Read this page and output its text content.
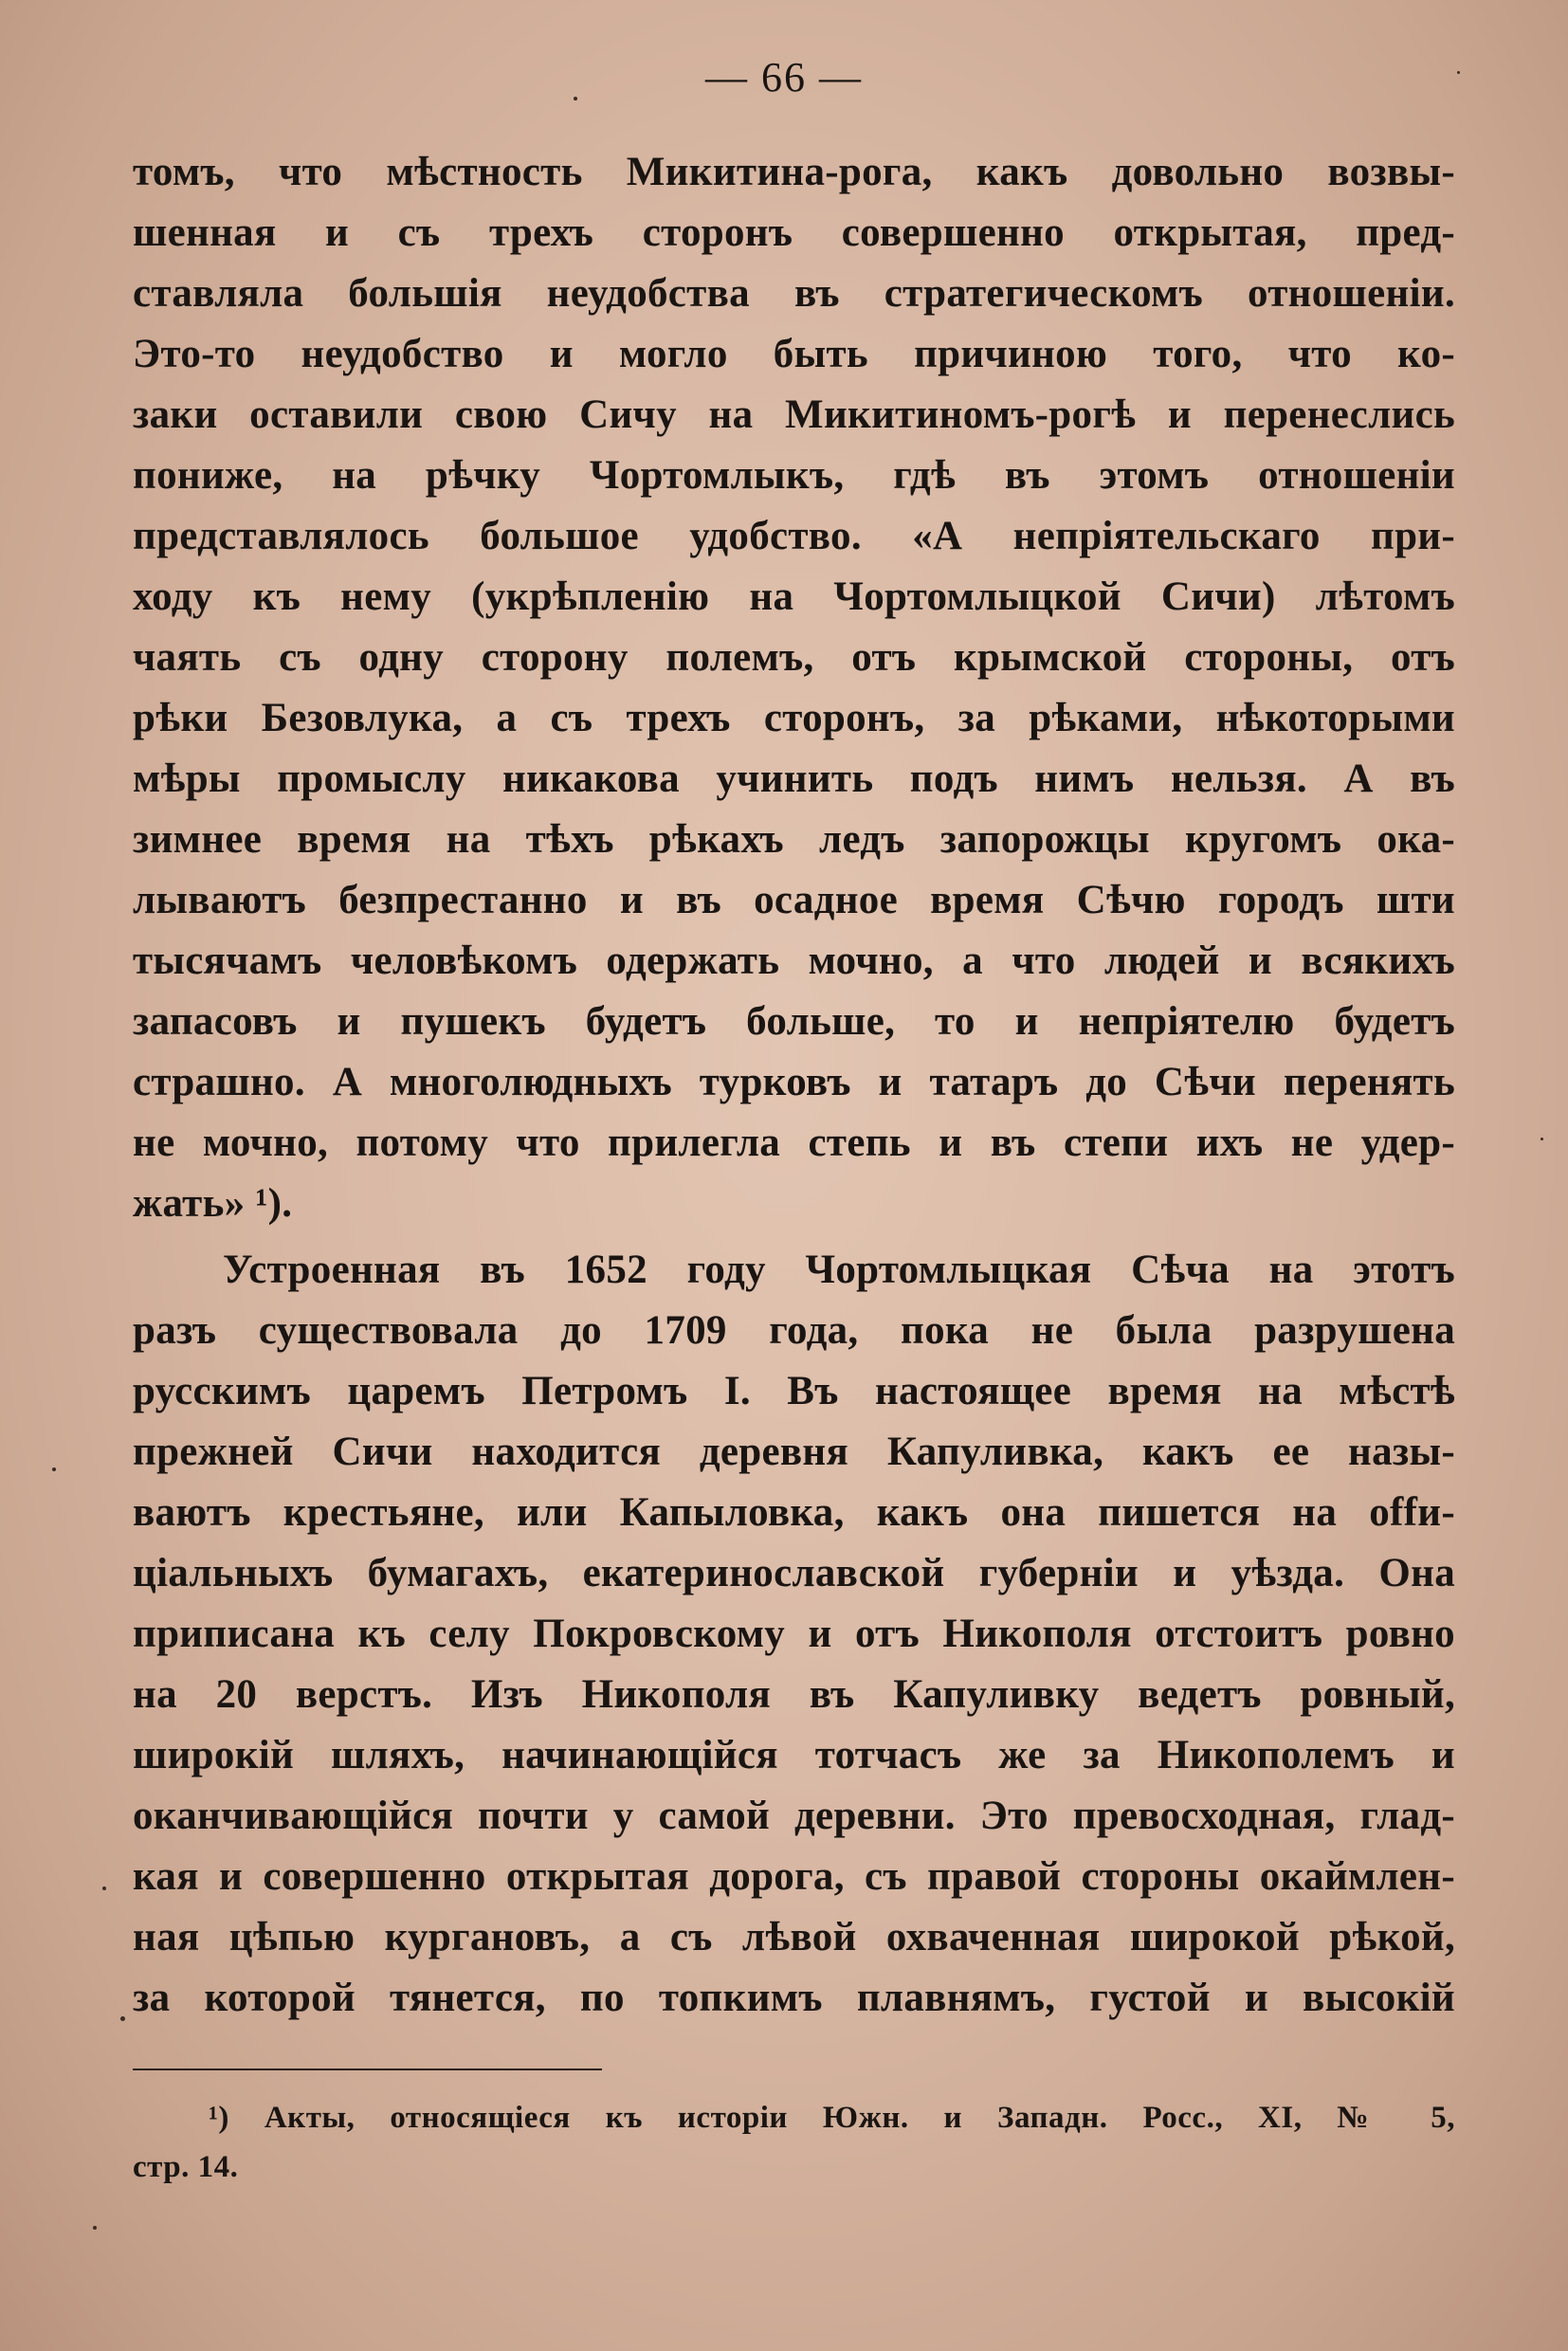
— 66 —
томъ, что мѣстность Микитина-рога, какъ довольно возвы-
шенная и съ трехъ сторонъ совершенно открытая, пред-
ставляла большія неудобства въ стратегическомъ отношеніи.
Это-то неудобство и могло быть причиною того, что ко-
заки оставили свою Сичу на Микитиномъ-рогѣ и перенеслись
пониже, на рѣчку Чортомлыкъ, гдѣ въ этомъ отношеніи
представлялось большое удобство. «А непріятельскаго при-
ходу къ нему (укрѣпленію на Чортомлыцкой Сичи) лѣтомъ
чаять съ одну сторону полемъ, отъ крымской стороны, отъ
рѣки Безовлука, а съ трехъ сторонъ, за рѣками, нѣкоторыми
мѣры промыслу никакова учинить подъ нимъ нельзя. А въ
зимнее время на тѣхъ рѣкахъ ледъ запорожцы кругомъ ока-
лываютъ безпрестанно и въ осадное время Сѣчю городъ шти
тысячамъ человѣкомъ одержать мочно, а что людей и всякихъ
запасовъ и пушекъ будетъ больше, то и непріятелю будетъ
страшно. А многолюдныхъ турковъ и татаръ до Сѣчи перенять
не мочно, потому что прилегла степь и въ степи ихъ не удер-
жать» ¹).
Устроенная въ 1652 году Чортомлыцкая Сѣча на этотъ
разъ существовала до 1709 года, пока не была разрушена
русскимъ царемъ Петромъ I. Въ настоящее время на мѣстѣ
прежней Сичи находится деревня Капуливка, какъ ее назы-
ваютъ крестьяне, или Капыловка, какъ она пишется на offи-
ціальныхъ бумагахъ, екатеринославской губерніи и уѣзда. Она
приписана къ селу Покровскому и отъ Никополя отстоитъ ровно
на 20 верстъ. Изъ Никополя въ Капуливку ведетъ ровный,
широкій шляхъ, начинающійся тотчасъ же за Никополемъ и
оканчивающійся почти у самой деревни. Это превосходная, глад-
кая и совершенно открытая дорога, съ правой стороны окаймлен-
ная цѣпью кургановъ, а съ лѣвой охваченная широкой рѣкой,
за которой тянется, по топкимъ плавнямъ, густой и высокій
¹) Акты, относящіеся къ исторіи Южн. и Западн. Росс., XI, № 5,
стр. 14.
